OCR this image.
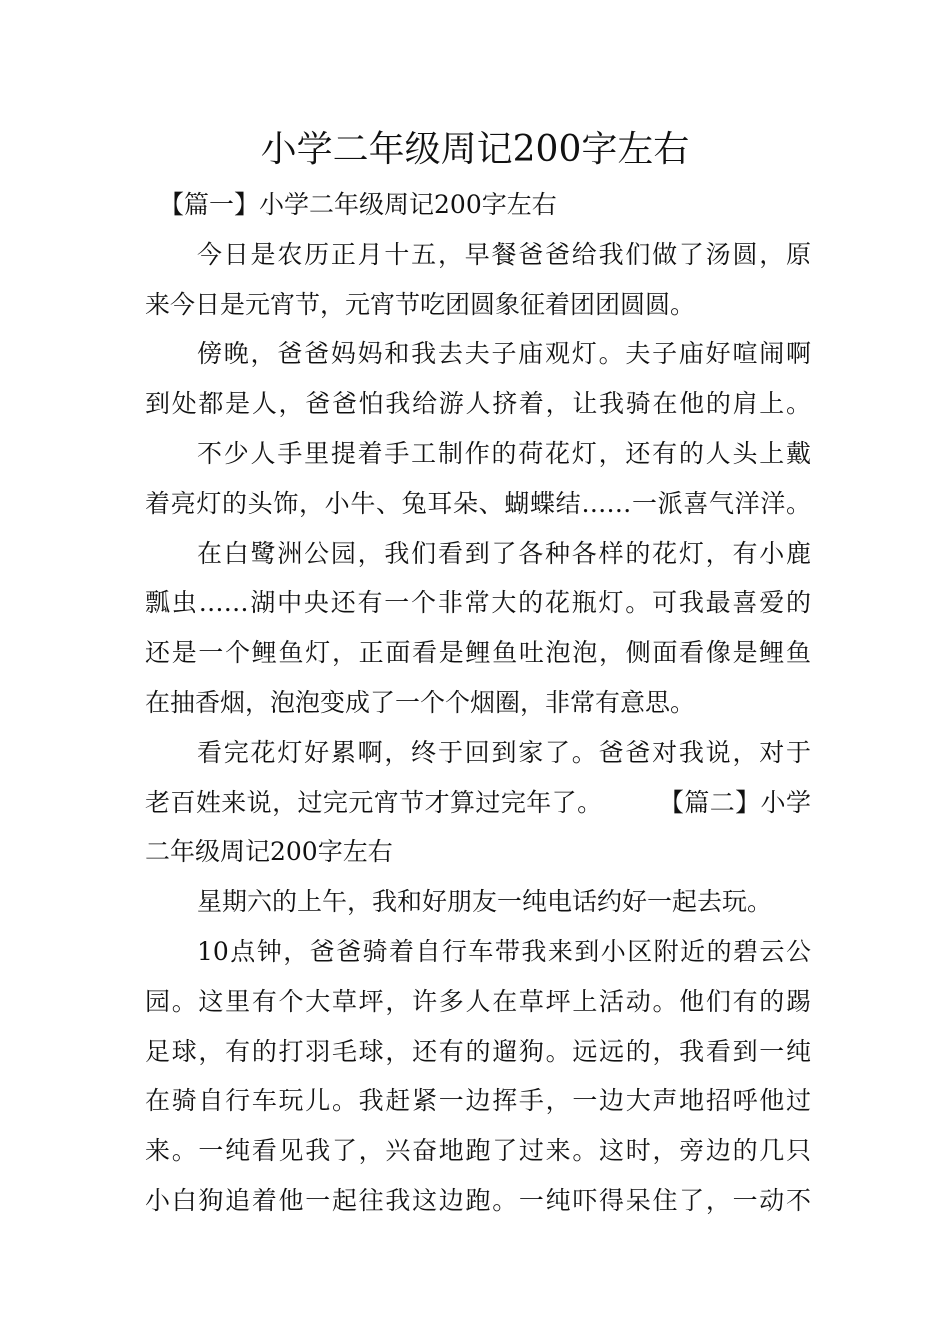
小学二年级周记200字左右
【篇一】小学二年级周记200字左右
今日是农历正月十五，早餐爸爸给我们做了汤圆，原
来今日是元宵节，元宵节吃团圆象征着团团圆圆。
傍晚，爸爸妈妈和我去夫子庙观灯。夫子庙好喧闹啊
到处都是人，爸爸怕我给游人挤着，让我骑在他的肩上。
不少人手里提着手工制作的荷花灯，还有的人头上戴
着亮灯的头饰，小牛、兔耳朵、蝴蝶结……一派喜气洋洋。
在白鹭洲公园，我们看到了各种各样的花灯，有小鹿
瓢虫……湖中央还有一个非常大的花瓶灯。可我最喜爱的
还是一个鲤鱼灯，正面看是鲤鱼吐泡泡，侧面看像是鲤鱼
在抽香烟，泡泡变成了一个个烟圈，非常有意思。
看完花灯好累啊，终于回到家了。爸爸对我说，对于
老百姓来说，过完元宵节才算过完年了。 【篇二】小学
二年级周记200字左右
星期六的上午，我和好朋友一纯电话约好一起去玩。
10点钟，爸爸骑着自行车带我来到小区附近的碧云公
园。这里有个大草坪，许多人在草坪上活动。他们有的踢
足球，有的打羽毛球，还有的遛狗。远远的，我看到一纯
在骑自行车玩儿。我赶紧一边挥手，一边大声地招呼他过
来。一纯看见我了，兴奋地跑了过来。这时，旁边的几只
小白狗追着他一起往我这边跑。一纯吓得呆住了，一动不
